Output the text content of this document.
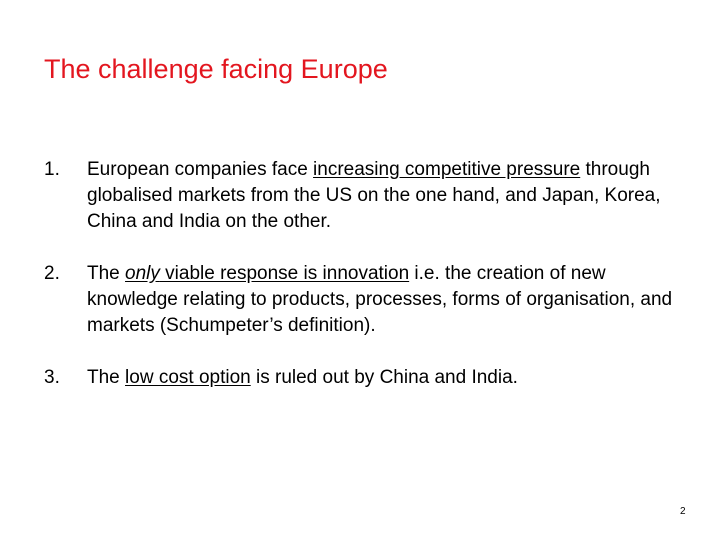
The challenge facing Europe
1. European companies face increasing competitive pressure through globalised markets from the US on the one hand, and Japan, Korea, China and India on the other.
2. The only viable response is innovation i.e. the creation of new knowledge relating to products, processes, forms of organisation, and markets (Schumpeter’s definition).
3. The low cost option is ruled out by China and India.
2
